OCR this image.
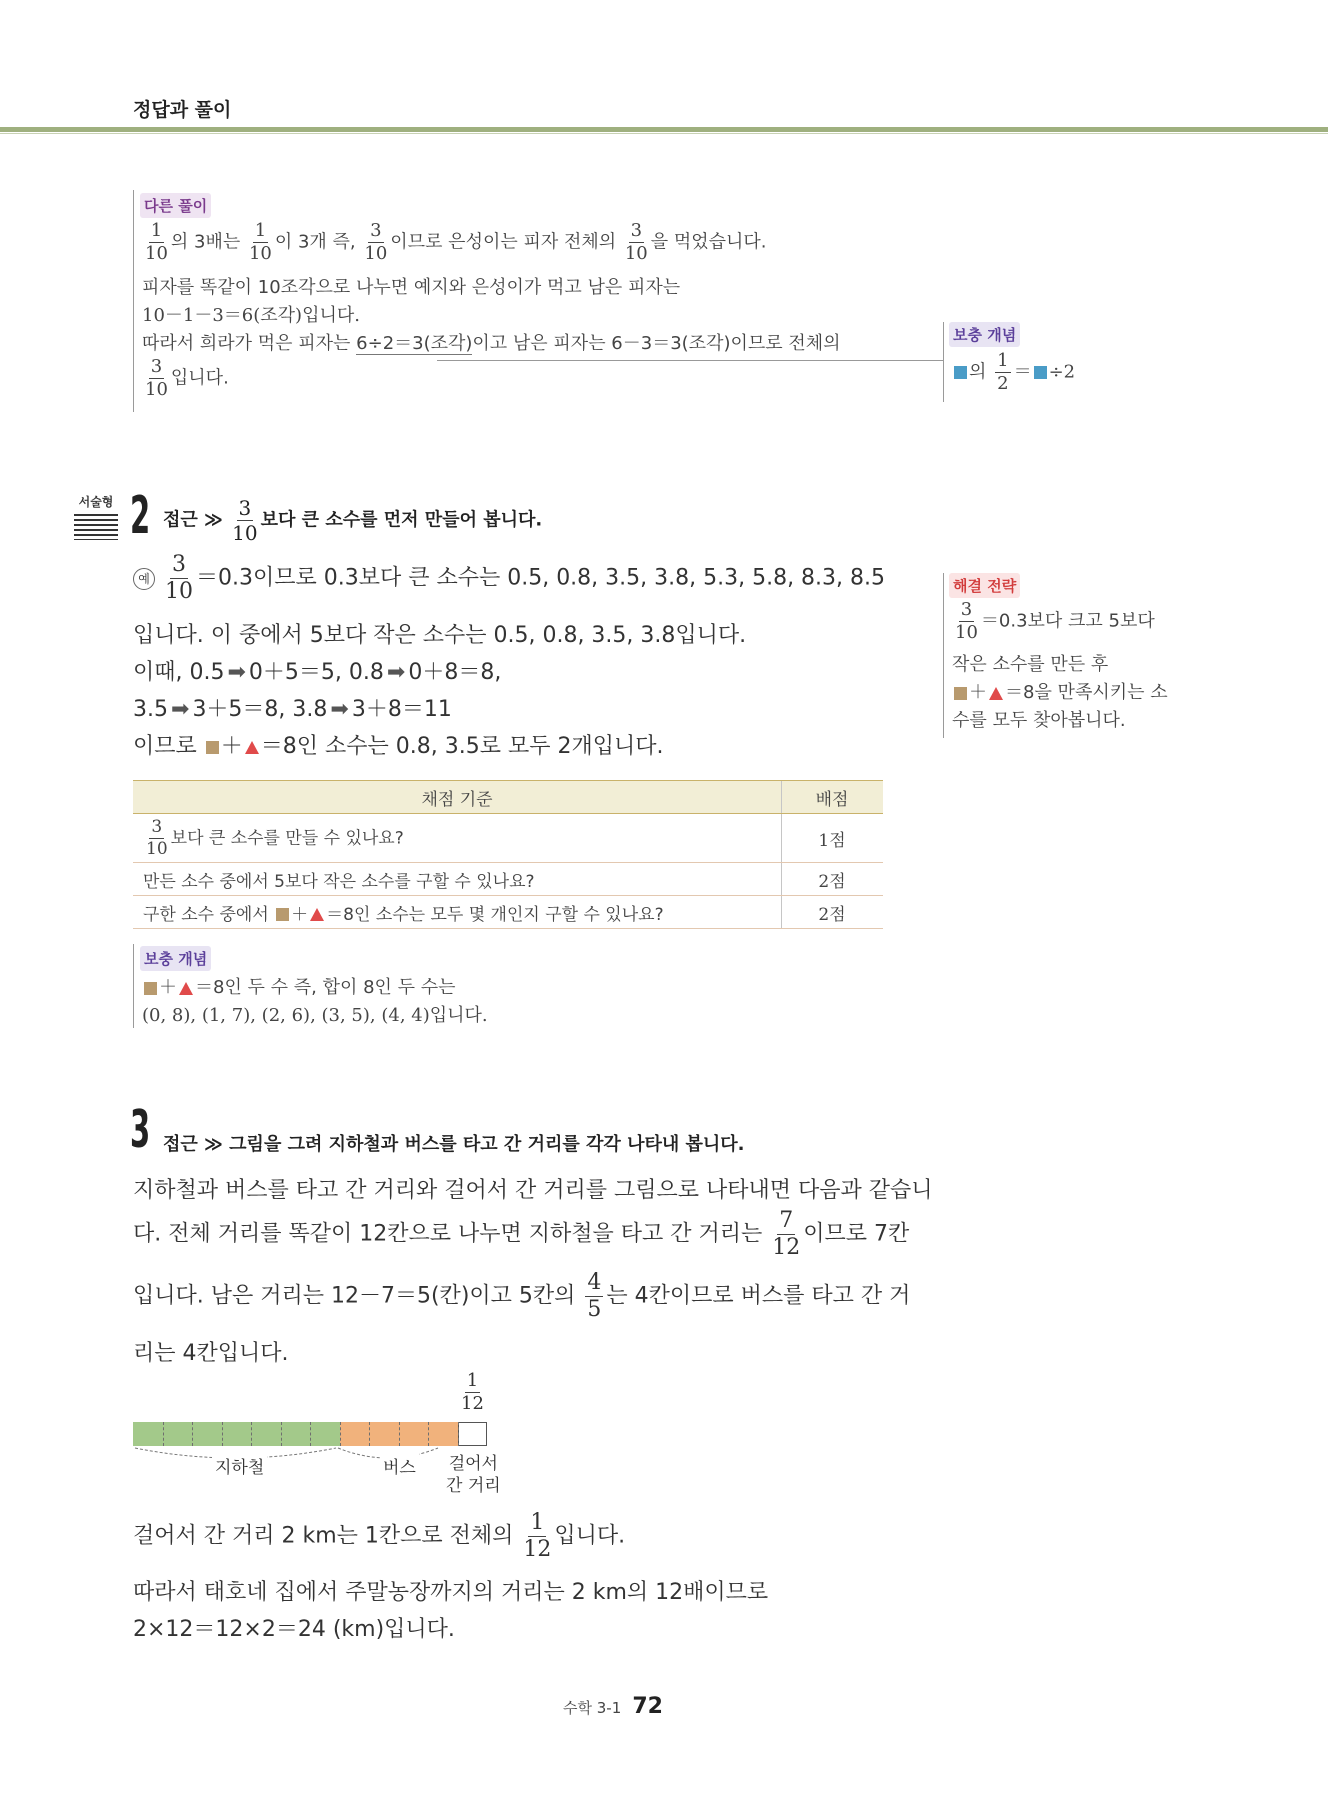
정답과 풀이
다른 풀이
$\frac{1}{10}$ 의 3배는 $\frac{1}{10}$ 이 3개 즉, $\frac{3}{10}$ 이므로 은성이는 피자 전체의 $\frac{3}{10}$ 을 먹었습니다.
피자를 똑같이 10조각으로 나누면 예지와 은성이가 먹고 남은 피자는
10－1－3＝6(조각)입니다.
따라서 희라가 먹은 피자는 6÷2＝3(조각)이고 남은 피자는 6－3＝3(조각)이므로 전체의
$\frac{3}{10}$ 입니다.
보충 개념
의 $\frac{1}{2} = \div 2$
서술형 2 접근 ≫ $\frac{3}{10}$ 보다 큰 소수를 먼저 만들어 봅니다.
예 $\frac{3}{10} =0.3$이므로 0.3보다 큰 소수는 0.5, 0.8, 3.5, 3.8, 5.3, 5.8, 8.3, 8.5
입니다. 이 중에서 5보다 작은 소수는 0.5, 0.8, 3.5, 3.8입니다.
이때, 0.5 ➡ 0＋5＝5, 0.8 ➡ 0＋8＝8,
3.5 ➡ 3＋5＝8, 3.8 ➡ 3＋8＝11
이므로 ＋ ＝8인 소수는 0.8, 3.5로 모두 2개입니다.
해결 전략
$\frac{3}{10} =0.3$보다 크고 5보다
작은 소수를 만든 후
＋ ＝8을 만족시키는 소
수를 모두 찾아봅니다.
채점 기준	배점

$\frac{3}{10}$ 보다 큰 소수를 만들 수 있나요?	1점
만든 소수 중에서 5보다 작은 소수를 구할 수 있나요?	2점
구한 소수 중에서 ＋ ＝8인 소수는 모두 몇 개인지 구할 수 있나요?	2점
보충 개념
＋ ＝8인 두 수 즉, 합이 8인 두 수는
(0, 8), (1, 7), (2, 6), (3, 5), (4, 4)입니다.
3 접근 ≫ 그림을 그려 지하철과 버스를 타고 간 거리를 각각 나타내 봅니다.
지하철과 버스를 타고 간 거리와 걸어서 간 거리를 그림으로 나타내면 다음과 같습니
다. 전체 거리를 똑같이 12칸으로 나누면 지하철을 타고 간 거리는 $\frac{7}{12}$ 이므로 7칸
입니다. 남은 거리는 12－7＝5(칸)이고 5칸의 $\frac{4}{5}$ 는 4칸이므로 버스를 타고 간 거
리는 4칸입니다.
$\frac{1}{12}$
지하철	버스 걸어서
간 거리
걸어서 간 거리 2 km는 1칸으로 전체의 $\frac{1}{12}$ 입니다.
따라서 태호네 집에서 주말농장까지의 거리는 2 km의 12배이므로
2×12＝12×2＝24 (km)입니다.
수학 3-1 72
